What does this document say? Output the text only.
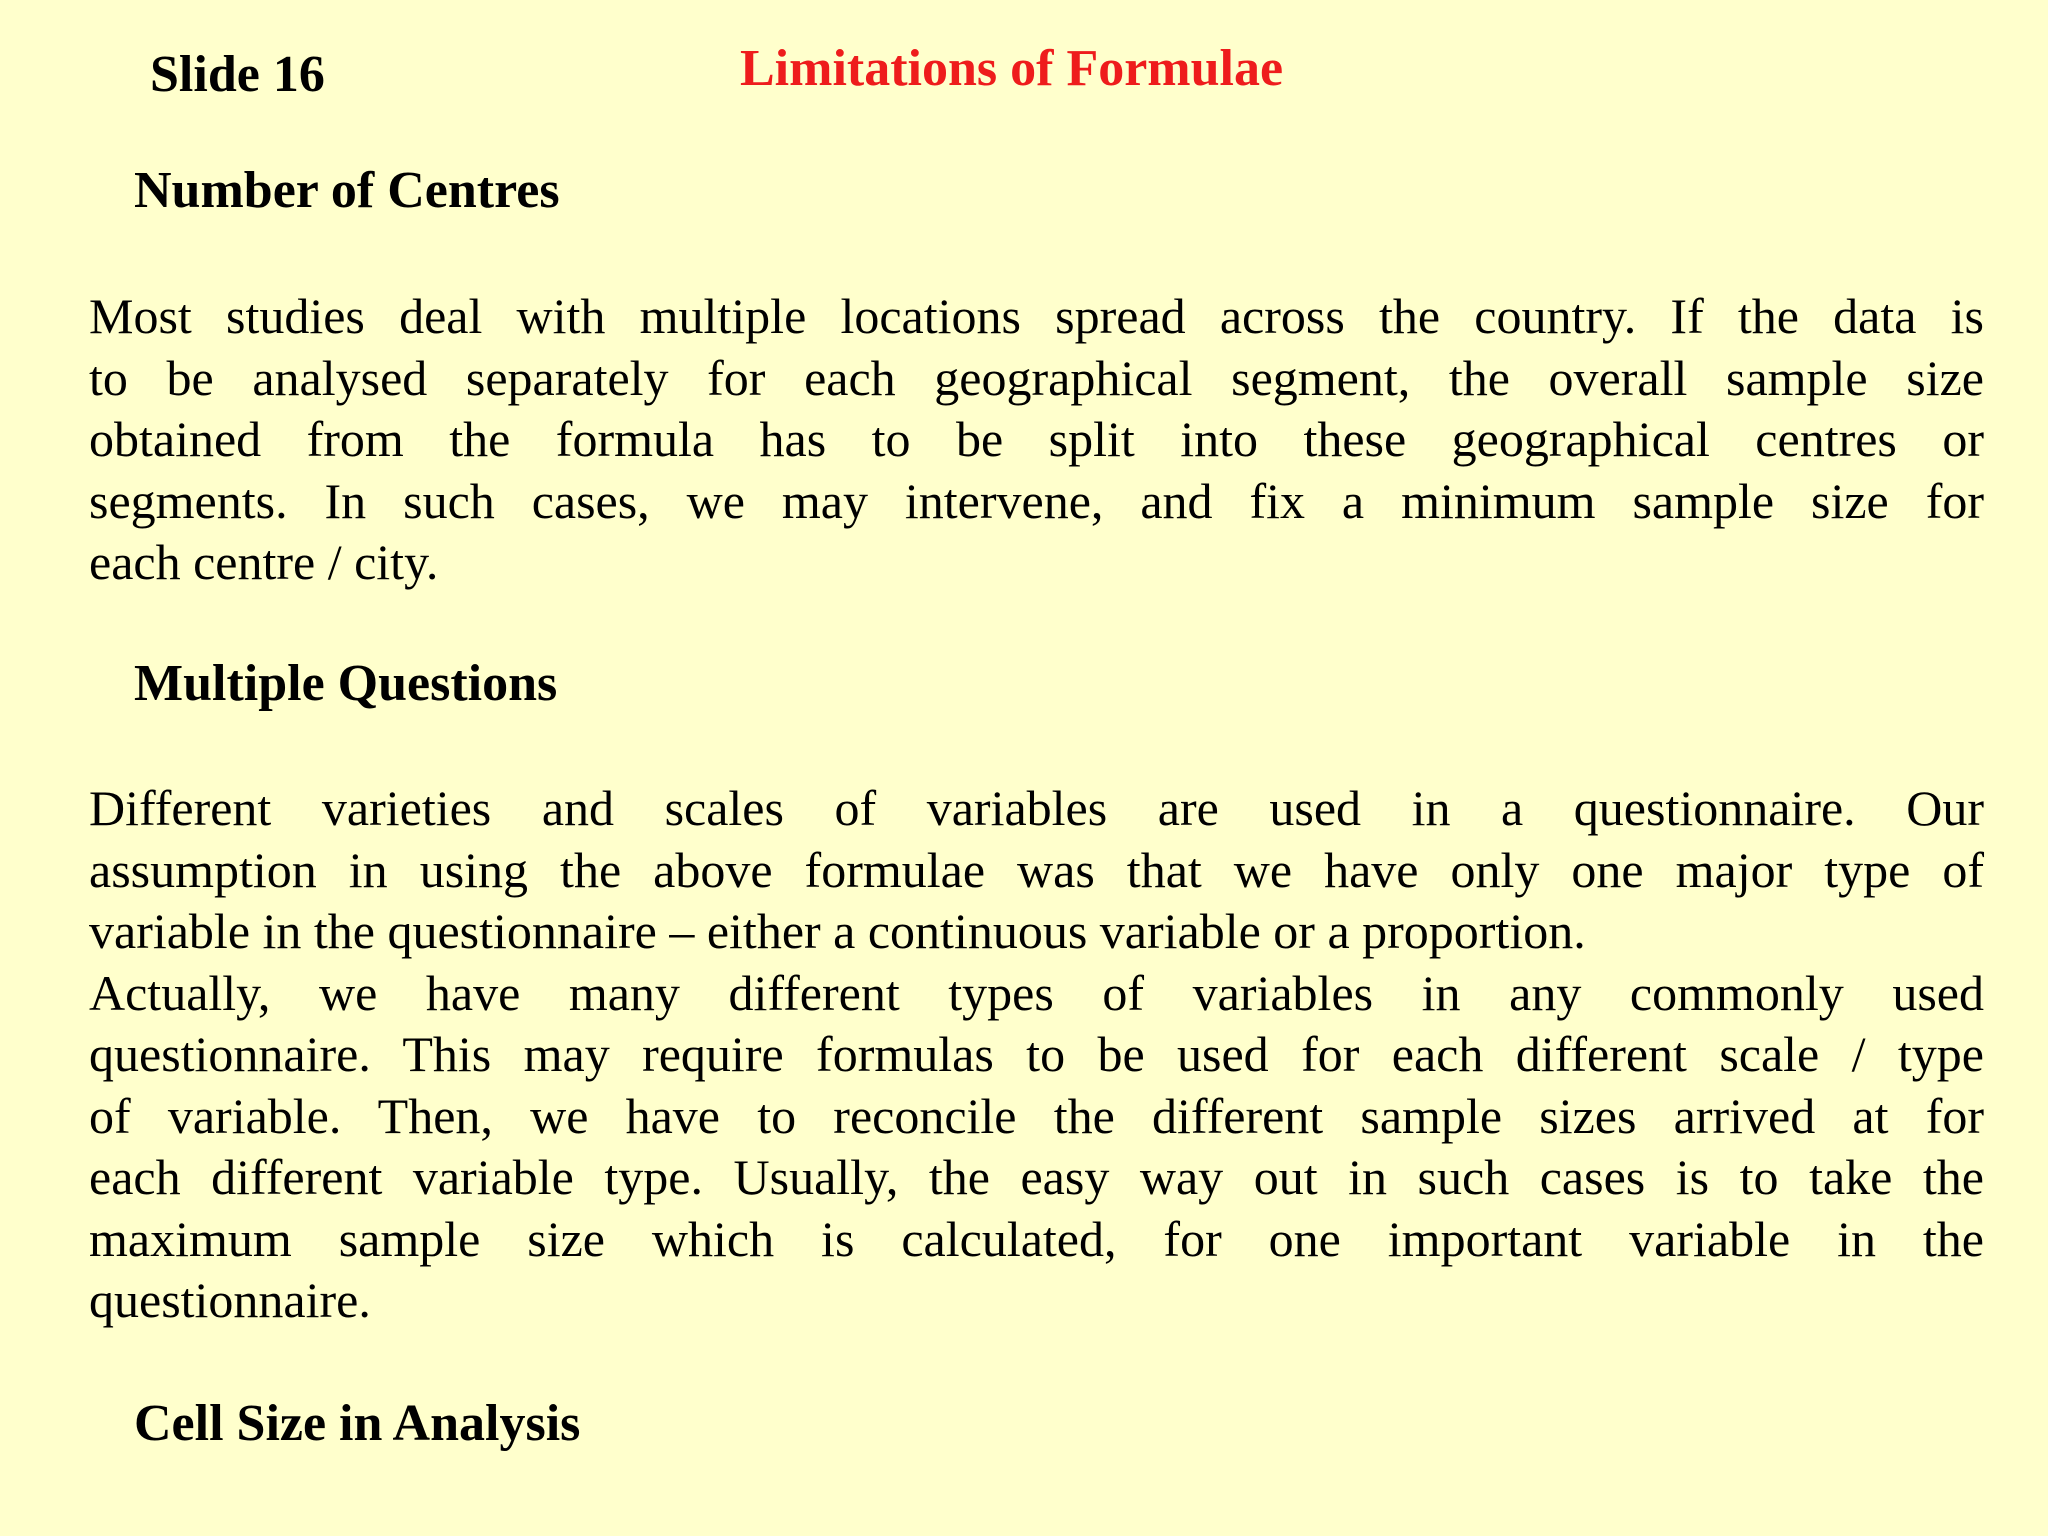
Slide 16	Limitations of Formulae
Number of Centres
Most studies deal with multiple locations spread across the country. If the data is
to be analysed separately for each geographical segment, the overall sample size
obtained from the formula has to be split into these geographical centres or
segments. In such cases, we may intervene, and fix a minimum sample size for
each centre / city.
Multiple Questions
Different varieties and scales of variables are used in a questionnaire. Our
assumption in using the above formulae was that we have only one major type of
variable in the questionnaire – either a continuous variable or a proportion.
Actually, we have many different types of variables in any commonly used
questionnaire. This may require formulas to be used for each different scale / type
of variable. Then, we have to reconcile the different sample sizes arrived at for
each different variable type. Usually, the easy way out in such cases is to take the
maximum sample size which is calculated, for one important variable in the
questionnaire.
Cell Size in Analysis
